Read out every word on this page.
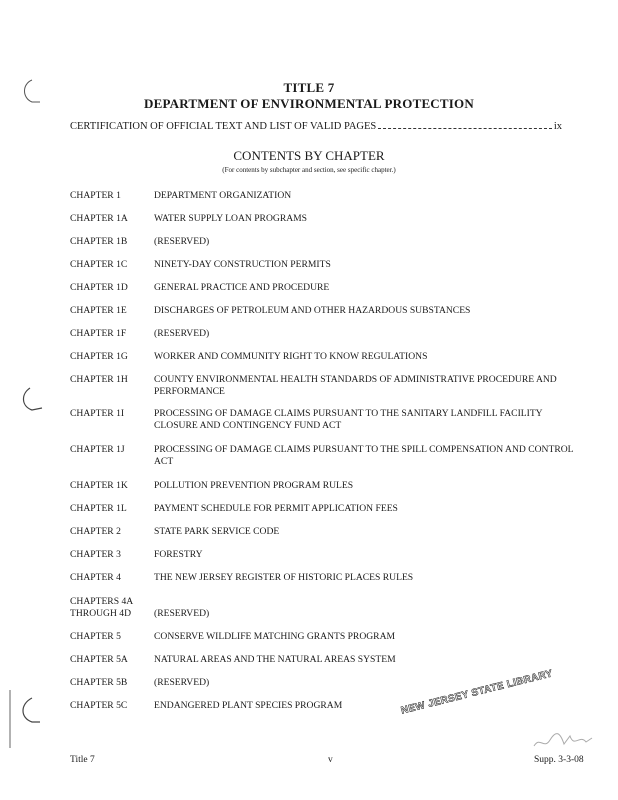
TITLE 7
DEPARTMENT OF ENVIRONMENTAL PROTECTION
CERTIFICATION OF OFFICIAL TEXT AND LIST OF VALID PAGES	ix
CONTENTS BY CHAPTER
(For contents by subchapter and section, see specific chapter.)
CHAPTER 1	DEPARTMENT ORGANIZATION
CHAPTER 1A	WATER SUPPLY LOAN PROGRAMS
CHAPTER 1B	(RESERVED)
CHAPTER 1C	NINETY-DAY CONSTRUCTION PERMITS
CHAPTER 1D	GENERAL PRACTICE AND PROCEDURE
CHAPTER 1E	DISCHARGES OF PETROLEUM AND OTHER HAZARDOUS SUBSTANCES
CHAPTER 1F	(RESERVED)
CHAPTER 1G	WORKER AND COMMUNITY RIGHT TO KNOW REGULATIONS
CHAPTER 1H	COUNTY ENVIRONMENTAL HEALTH STANDARDS OF ADMINISTRATIVE PROCEDURE AND PERFORMANCE
CHAPTER 1I	PROCESSING OF DAMAGE CLAIMS PURSUANT TO THE SANITARY LANDFILL FACILITY CLOSURE AND CONTINGENCY FUND ACT
CHAPTER 1J	PROCESSING OF DAMAGE CLAIMS PURSUANT TO THE SPILL COMPENSATION AND CONTROL ACT
CHAPTER 1K	POLLUTION PREVENTION PROGRAM RULES
CHAPTER 1L	PAYMENT SCHEDULE FOR PERMIT APPLICATION FEES
CHAPTER 2	STATE PARK SERVICE CODE
CHAPTER 3	FORESTRY
CHAPTER 4	THE NEW JERSEY REGISTER OF HISTORIC PLACES RULES
CHAPTERS 4A THROUGH 4D	(RESERVED)
CHAPTER 5	CONSERVE WILDLIFE MATCHING GRANTS PROGRAM
CHAPTER 5A	NATURAL AREAS AND THE NATURAL AREAS SYSTEM
CHAPTER 5B	(RESERVED)
CHAPTER 5C	ENDANGERED PLANT SPECIES PROGRAM	NEW JERSEY STATE LIBRARY
Title 7	v	Supp. 3-3-08
